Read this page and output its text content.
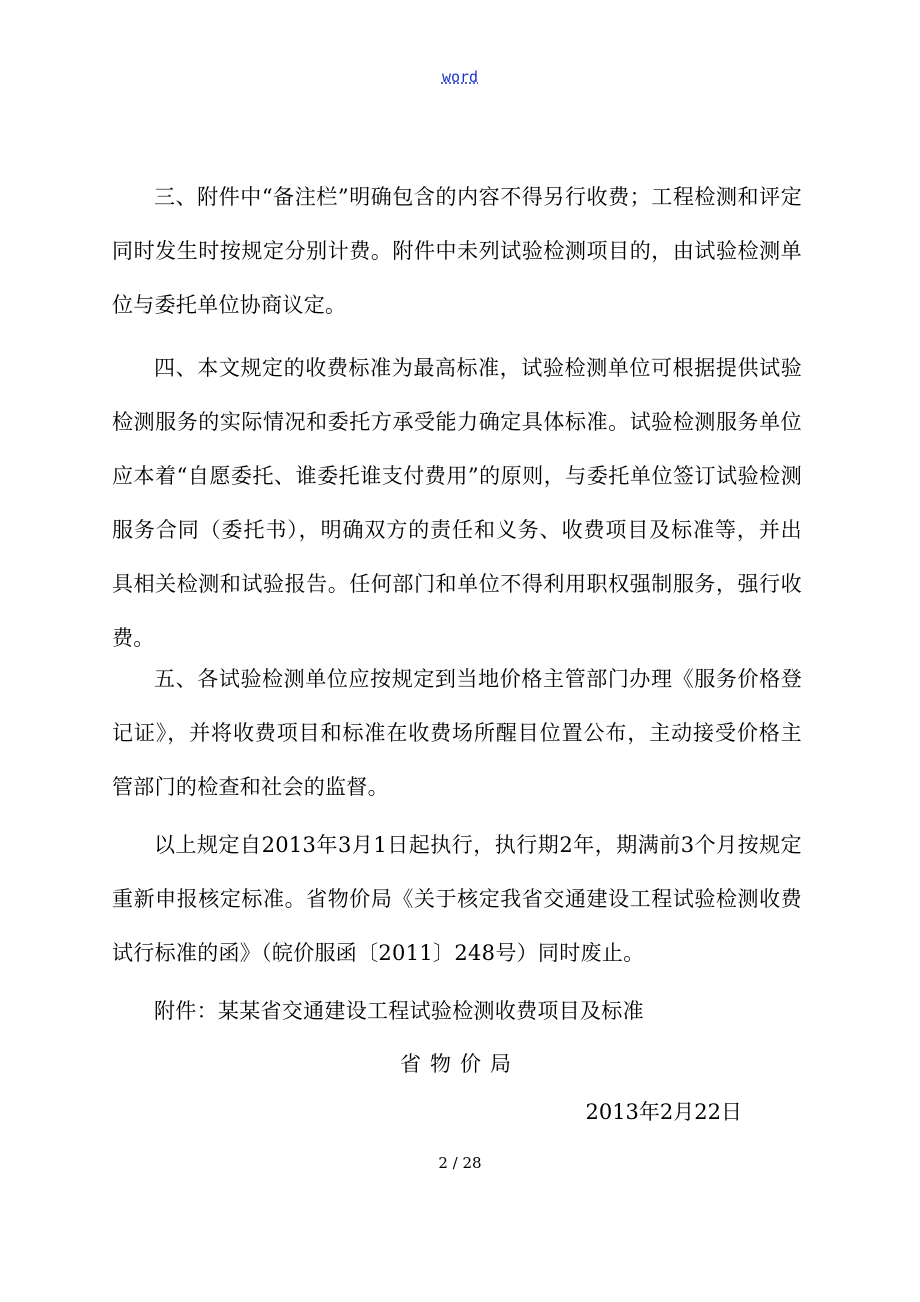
word

三、附件中“备注栏”明确包含的内容不得另行收费；工程检测和评定同时发生时按规定分别计费。附件中未列试验检测项目的，由试验检测单位与委托单位协商议定。

四、本文规定的收费标准为最高标准，试验检测单位可根据提供试验检测服务的实际情况和委托方承受能力确定具体标准。试验检测服务单位应本着“自愿委托、谁委托谁支付费用”的原则，与委托单位签订试验检测服务合同（委托书），明确双方的责任和义务、收费项目及标准等，并出具相关检测和试验报告。任何部门和单位不得利用职权强制服务，强行收费。

五、各试验检测单位应按规定到当地价格主管部门办理《服务价格登记证》，并将收费项目和标准在收费场所醒目位置公布，主动接受价格主管部门的检查和社会的监督。

以上规定自2013年3月1日起执行，执行期2年，期满前3个月按规定重新申报核定标准。省物价局《关于核定我省交通建设工程试验检测收费试行标准的函》（皖价服函〔2011〕248号）同时废止。

附件：某某省交通建设工程试验检测收费项目及标准

省物价局
2013年2月22日
2 / 28
